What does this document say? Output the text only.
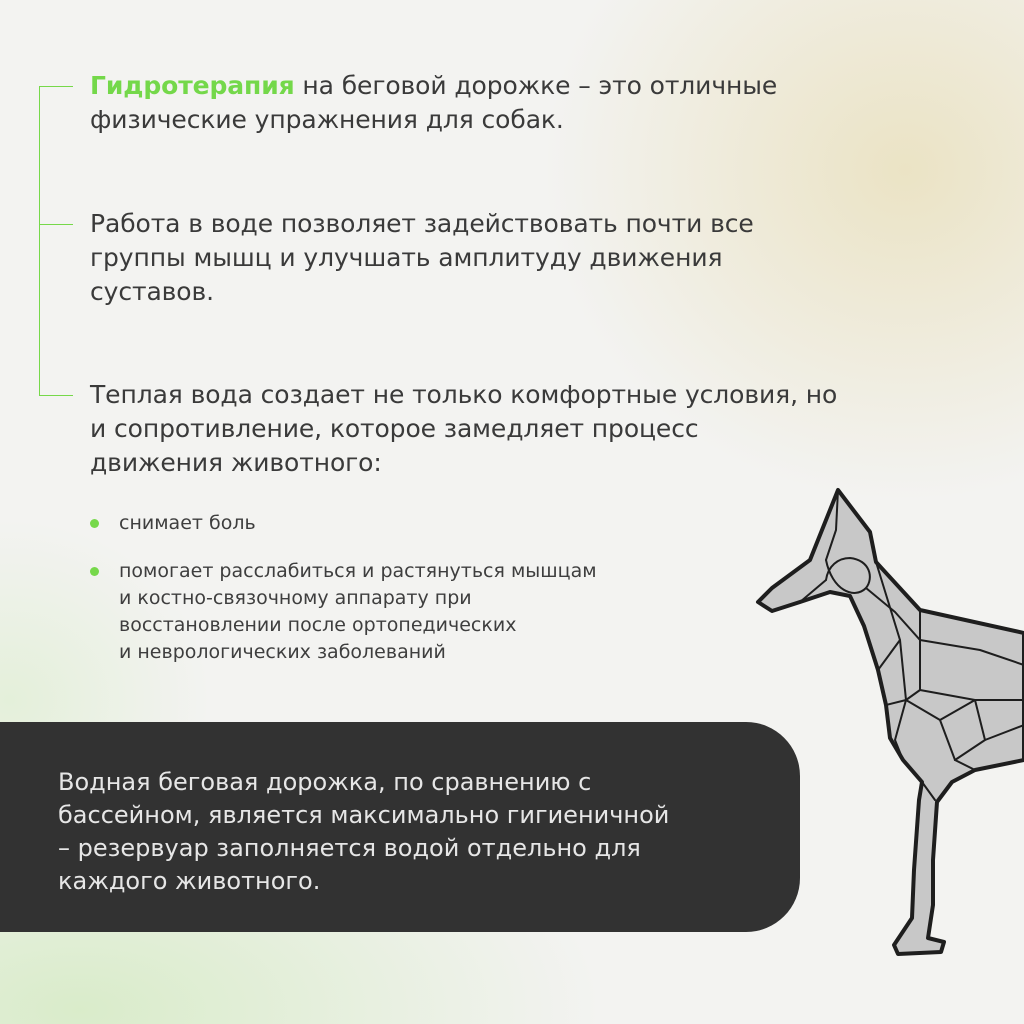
Гидротерапия на беговой дорожке – это отличные
физические упражнения для собак.

Работа в воде позволяет задействовать почти все
группы мышц и улучшать амплитуду движения
суставов.

Теплая вода создает не только комфортные условия, но
и сопротивление, которое замедляет процесс
движения животного:

снимает боль
помогает расслабиться и растянуться мышцам
и костно-связочному аппарату при
восстановлении после ортопедических
и неврологических заболеваний

Водная беговая дорожка, по сравнению с
бассейном, является максимально гигиеничной
– резервуар заполняется водой отдельно для
каждого животного.
